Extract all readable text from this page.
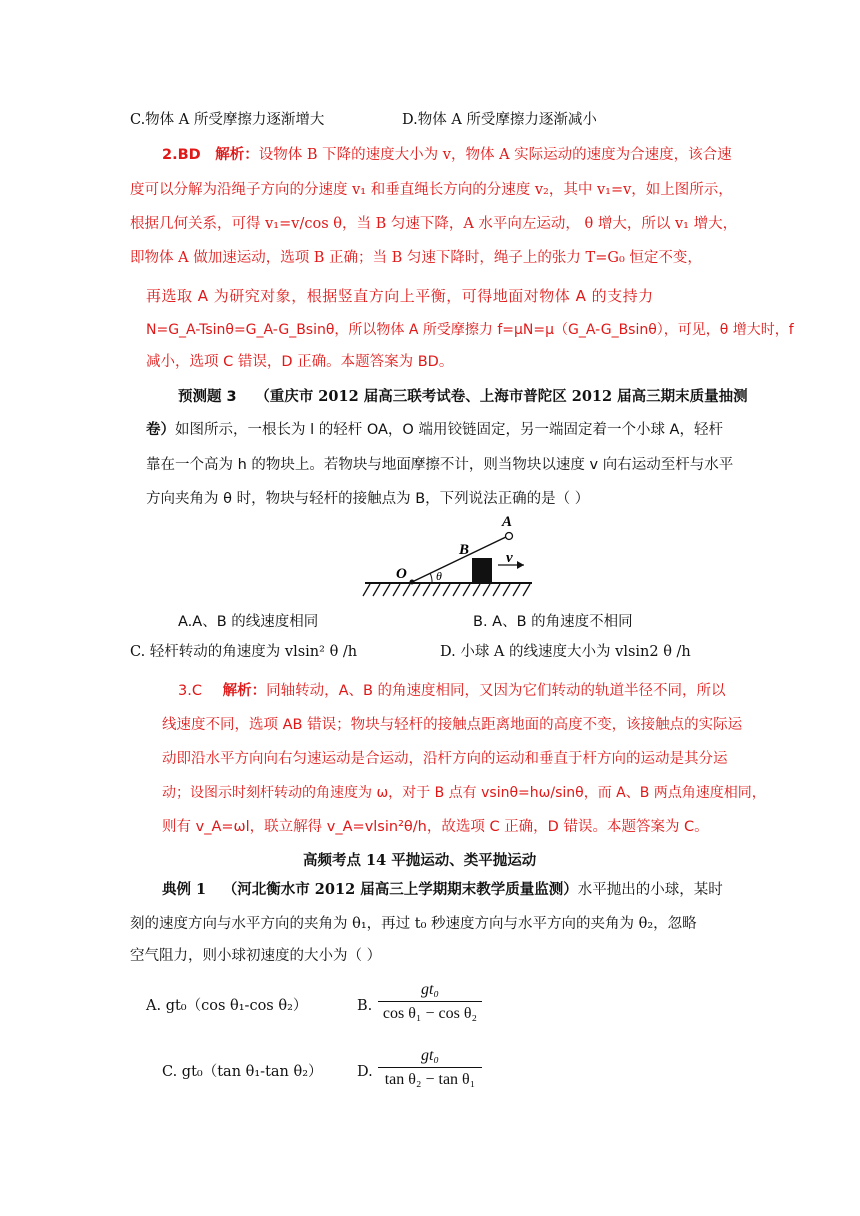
C.物体 A 所受摩擦力逐渐增大	D.物体 A 所受摩擦力逐渐减小
2.BD 解析：设物体 B 下降的速度大小为 v，物体 A 实际运动的速度为合速度，该合速
度可以分解为沿绳子方向的分速度 v₁ 和垂直绳长方向的分速度 v₂，其中 v₁=v，如上图所示，
根据几何关系，可得 v₁=v/cos θ，当 B 匀速下降，A 水平向左运动， θ 增大，所以 v₁ 增大，
即物体 A 做加速运动，选项 B 正确；当 B 匀速下降时，绳子上的张力 T=G₀ 恒定不变，
再选取 A 为研究对象，根据竖直方向上平衡，可得地面对物体 A 的支持力
N=G_A-Tsinθ=G_A-G_Bsinθ，所以物体 A 所受摩擦力 f=μN=μ（G_A-G_Bsinθ），可见，θ 增大时，f
减小，选项 C 错误，D 正确。本题答案为 BD。
预测题 3 （重庆市 2012 届高三联考试卷、上海市普陀区 2012 届高三期末质量抽测
卷）如图所示，一根长为 l 的轻杆 OA，O 端用铰链固定，另一端固定着一个小球 A，轻杆
靠在一个高为 h 的物块上。若物块与地面摩擦不计，则当物块以速度 v 向右运动至杆与水平
方向夹角为 θ 时，物块与轻杆的接触点为 B，下列说法正确的是（ ）
A
B
O
v
θ
A.A、B 的线速度相同	B. A、B 的角速度不相同
C. 轻杆转动的角速度为 vlsin² θ /h	D. 小球 A 的线速度大小为 vlsin2 θ /h
3.C 解析：同轴转动，A、B 的角速度相同，又因为它们转动的轨道半径不同，所以
线速度不同，选项 AB 错误；物块与轻杆的接触点距离地面的高度不变，该接触点的实际运
动即沿水平方向向右匀速运动是合运动，沿杆方向的运动和垂直于杆方向的运动是其分运
动；设图示时刻杆转动的角速度为 ω，对于 B 点有 vsinθ=hω/sinθ，而 A、B 两点角速度相同，
则有 v_A=ωl，联立解得 v_A=vlsin²θ/h，故选项 C 正确，D 错误。本题答案为 C。
高频考点 14 平抛运动、类平抛运动
典例 1 （河北衡水市 2012 届高三上学期期末教学质量监测）水平抛出的小球，某时
刻的速度方向与水平方向的夹角为 θ₁，再过 t₀ 秒速度方向与水平方向的夹角为 θ₂，忽略
空气阻力，则小球初速度的大小为（ ）
A. gt₀（cos θ₁-cos θ₂）	B.
gt₀
cos θ₁ − cos θ₂
C. gt₀（tan θ₁-tan θ₂） D.
gt₀
tan θ₂ − tan θ₁
